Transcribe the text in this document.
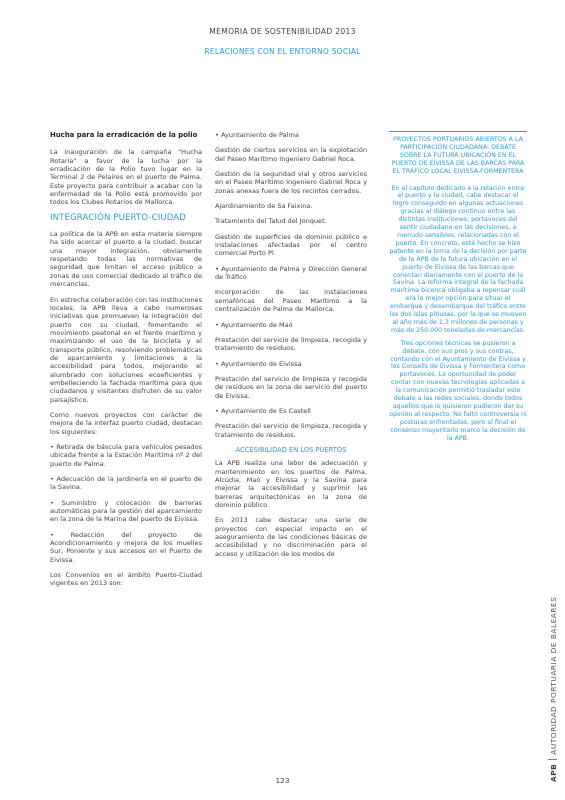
MEMORIA DE SOSTENIBILIDAD 2013
RELACIONES CON EL ENTORNO SOCIAL

Hucha para la erradicación de la polio

La inauguración de la campaña "Hucha Rotaria" a favor de la lucha por la erradicación de la Polio tuvo lugar en la Terminal 2 de Pelaires en el puerto de Palma. Este proyecto para contribuir a acabar con la enfermedad de la Polio está promovido por todos los Clubes Rotarios de Mallorca.

INTEGRACIÓN PUERTO-CIUDAD

La política de la APB en esta materia siempre ha sido acercar el puerto a la ciudad, buscar una mayor integración, obviamente respetando todas las normativas de seguridad que limitan el acceso público a zonas de uso comercial dedicado al tráfico de mercancías.

En estrecha colaboración con las instituciones locales, la APB lleva a cabo numerosas iniciativas que promueven la integración del puerto con su ciudad, fomentando el movimiento peatonal en el frente marítimo y maximizando el uso de la bicicleta y el transporte público, resolviendo problemáticas de aparcamiento y limitaciones a la accesibilidad para todos, mejorando el alumbrado con soluciones ecoeficientes y embelleciendo la fachada marítima para que ciudadanos y visitantes disfruten de su valor paisajístico.

Como nuevos proyectos con carácter de mejora de la interfaz puerto ciudad, destacan los siguientes:

• Retirada de báscula para vehículos pesados ubicada frente a la Estación Marítima nº 2 del puerto de Palma.

• Adecuación de la jardinería en el puerto de la Savina.

• Suministro y colocación de barreras automáticas para la gestión del aparcamiento en la zona de la Marina del puerto de Eivissa.

• Redacción del proyecto de Acondicionamiento y mejora de los muelles Sur, Poniente y sus accesos en el Puerto de Eivissa.

Los Convenios en el ámbito Puerto-Ciudad vigentes en 2013 son:

• Ayuntamiento de Palma

Gestión de ciertos servicios en la explotación del Paseo Marítimo Ingeniero Gabriel Roca.

Gestión de la seguridad vial y otros servicios en el Paseo Marítimo Ingeniero Gabriel Roca y zonas anexas fuera de los recintos cerrados.

Ajardinamiento de Sa Faixina.

Tratamiento del Talud del Jonquet.

Gestión de superficies de dominio público e instalaciones afectadas por el centro comercial Porto Pí.

• Ayuntamiento de Palma y Dirección General de Tráfico

Incorporación de las instalaciones semafóricas del Paseo Marítimo a la centralización de Palma de Mallorca.

• Ayuntamiento de Maó

Prestación del servicio de limpieza, recogida y tratamiento de residuos.

• Ayuntamiento de Eivissa

Prestación del servicio de limpieza y recogida de residuos en la zona de servicio del puerto de Eivissa.

• Ayuntamiento de Es Castell

Prestación del servicio de limpieza, recogida y tratamiento de residuos.

ACCESIBILIDAD EN LOS PUERTOS

La APB realiza una labor de adecuación y mantenimiento en los puertos de Palma, Alcúdia, Maó y Eivissa y la Savina para mejorar la accesibilidad y suprimir las barreras arquitectónicas en la zona de dominio público.

En 2013 cabe destacar una serie de proyectos con especial impacto en el aseguramiento de las condiciones básicas de accesibilidad y no discriminación para el acceso y utilización de los modos de

PROYECTOS PORTUARIOS ABIERTOS A LA PARTICIPACIÓN CIUDADANA: DEBATE SOBRE LA FUTURA UBICACIÓN EN EL PUERTO DE EIVISSA DE LAS BARCAS PARA EL TRÁFICO LOCAL EIVISSA-FORMENTERA

En el capítulo dedicado a la relación entre el puerto y la ciudad, cabe destacar el logro conseguido en algunas actuaciones gracias al diálogo continuo entre las distintas instituciones, portavoces del sentir ciudadano en las decisiones, a menudo sensibles, relacionadas con el puerto. En concreto, esté hecho se hizo patente en la toma de la decisión por parte de la APB de la futura ubicación en el puerto de Eivissa de las barcas que conectan diariamente con el puerto de la Savina. La reforma integral de la fachada marítima bicenca obligaba a repensar cuál era la mejor opción para situar el embarque y desembarque del tráfico entre las dos islas pitiusas, por la que se mueven al año más de 1,3 millones de personas y más de 250.000 toneladas de mercancías.

Tres opciones técnicas se pusieron a debate, con sus pros y sus contras, contando con el Ayuntamiento de Eivissa y los Consells de Eivissa y Formentera como portavoces. La oportunidad de poder contar con nuevas tecnologías aplicadas a la comunicación permitió trasladar este debate a las redes sociales, donde todos aquellos que lo quisieron pudieron dar su opinión al respecto. No faltó controversia ni posturas enfrentadas, pero al final el consenso mayoritario marcó la decisión de la APB.

123	APBAUTORIDAD PORTUARIA DE BALEARES
